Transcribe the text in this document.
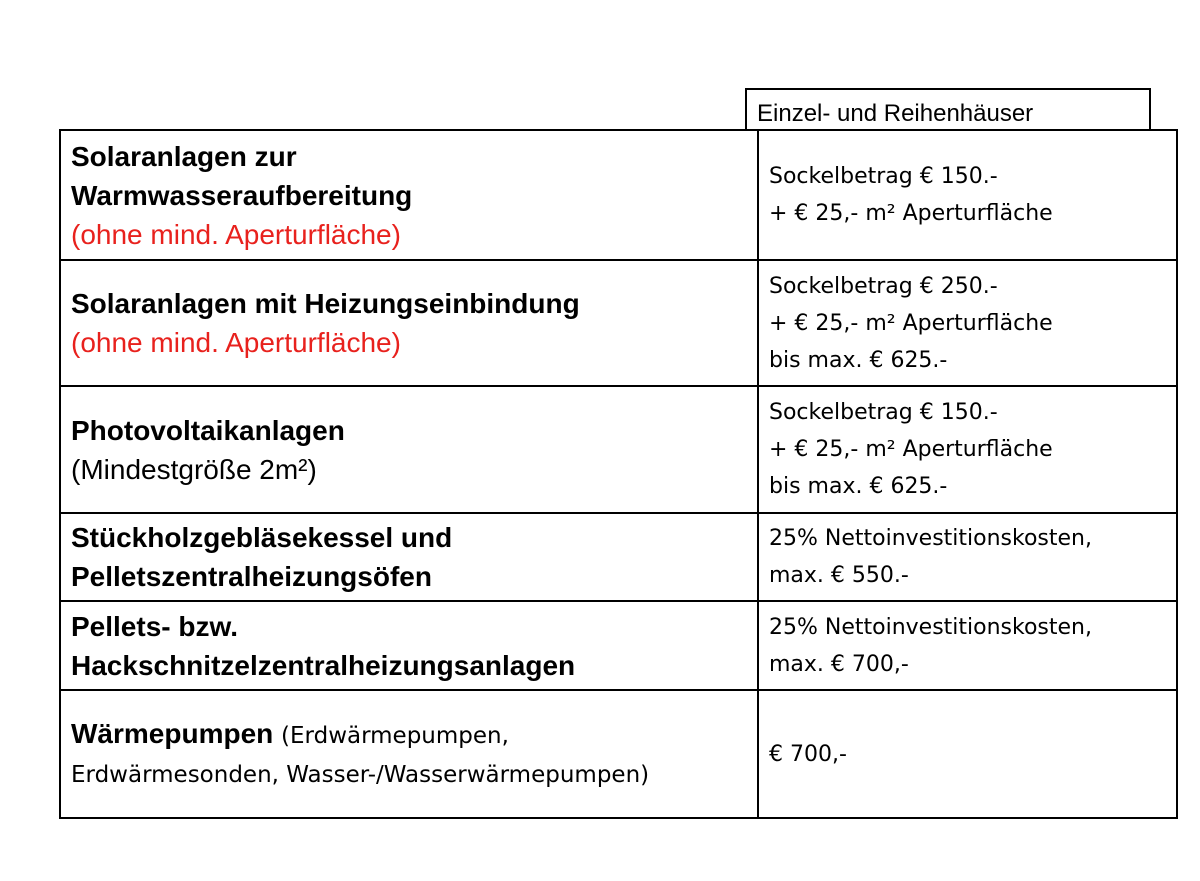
Einzel- und Reihenhäuser
Solaranlagen zur
Warmwasseraufbereitung
(ohne mind. Aperturfläche)	Sockelbetrag € 150.-
+ € 25,- m² Aperturfläche

Solaranlagen mit Heizungseinbindung
(ohne mind. Aperturfläche)	Sockelbetrag € 250.-
+ € 25,- m² Aperturfläche
bis max. € 625.-

Photovoltaikanlagen
(Mindestgröße 2m²)	Sockelbetrag € 150.-
+ € 25,- m² Aperturfläche
bis max. € 625.-

Stückholzgebläsekessel und
Pelletszentralheizungsöfen	25% Nettoinvestitionskosten,
max. € 550.-

Pellets- bzw.
Hackschnitzelzentralheizungsanlagen	25% Nettoinvestitionskosten,
max. € 700,-

Wärmepumpen (Erdwärmepumpen,
Erdwärmesonden, Wasser-/Wasserwärmepumpen)	€ 700,-
